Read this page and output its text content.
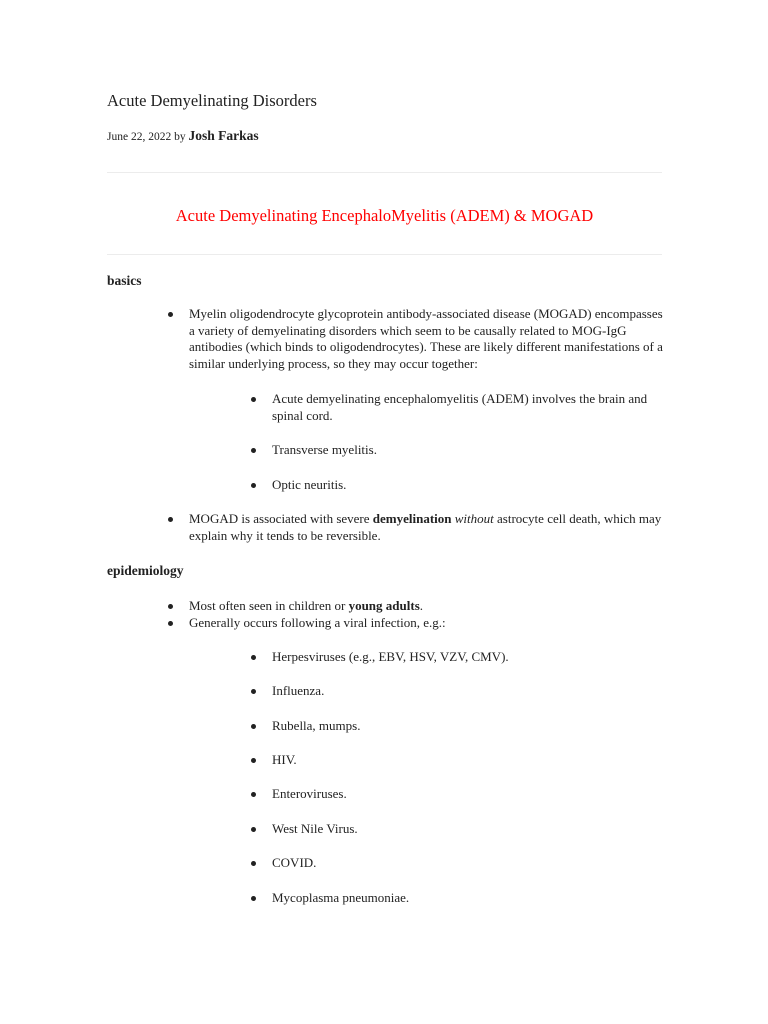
Acute Demyelinating Disorders
June 22, 2022 by Josh Farkas
Acute Demyelinating EncephaloMyelitis (ADEM) & MOGAD
basics
Myelin oligodendrocyte glycoprotein antibody-associated disease (MOGAD) encompasses a variety of demyelinating disorders which seem to be causally related to MOG-IgG antibodies (which binds to oligodendrocytes). These are likely different manifestations of a similar underlying process, so they may occur together:
Acute demyelinating encephalomyelitis (ADEM) involves the brain and spinal cord.
Transverse myelitis.
Optic neuritis.
MOGAD is associated with severe demyelination without astrocyte cell death, which may explain why it tends to be reversible.
epidemiology
Most often seen in children or young adults.
Generally occurs following a viral infection, e.g.:
Herpesviruses (e.g., EBV, HSV, VZV, CMV).
Influenza.
Rubella, mumps.
HIV.
Enteroviruses.
West Nile Virus.
COVID.
Mycoplasma pneumoniae.
